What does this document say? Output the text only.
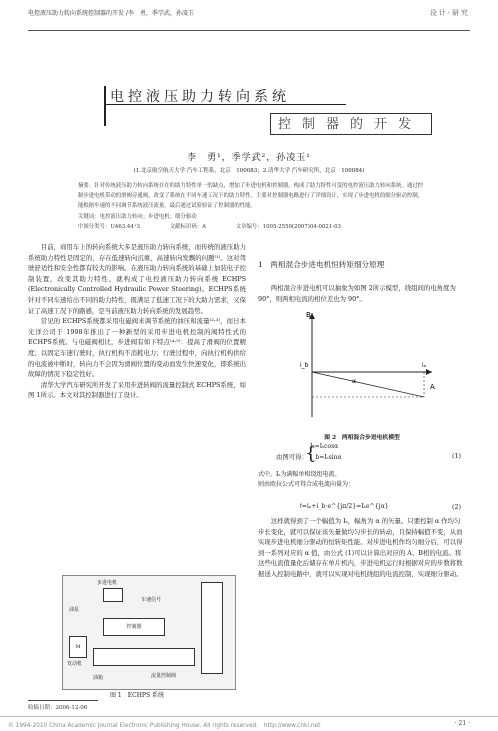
电控液压助力转向系统控制器的开发 /李　勇，季学武，孙凌玉	设计·研究
电控液压助力转向系统
控制器的开发
李　勇¹，季学武²，孙凌玉¹
(1.北京航空航天大学 汽车工程系，北京　100083；2.清华大学 汽车研究所，北京　100084)
摘要：针对传统液压助力转向系统存在的助力特性单一的缺点，增加了步进电机和控制器，构成了助力特性可变的电控液压助力转向系统。通过控制步进电机带动的滑阀旁通阀，改变了系统在不同车速工况下的助力特性。主要对控制器电路进行了详细设计，实现了步进电机的细分驱动控制，能根据车速的不同调节系统液压流量。最后通过试验验证了控制器的性能。
关键词：电控液压助力转向；步进电机；细分驱动
中图分类号：U463.44⁺3	文献标识码：A	文章编号：1005-2550(2007)04-0021-03

目前，商用车上的转向系统大多是液压助力转向系统，而传统的液压助力系统助力特性是固定的，存在低速转向沉重、高速转向发飘的问题⁽¹⁾。这对驾驶舒适性和安全性都有较大的影响。在液压助力转向系统的基础上加装电子控制装置，改变其助力特性，就构成了电控液压助力转向系统 ECHPS (Electronically Controlled Hydraulic Power Steering)。ECHPS系统针对不同车速给出不同的助力特性，既满足了低速工况下的大助力需求，又保证了高速工况下的路感，是当前液压助力转向系统的发展趋势。

常见的 ECHPS系统都采用电磁阀来调节系统的油压和流量⁽²·³⁾，而日本光洋公司于 1998年推出了一种新型的采用步进电机控制的阀特性式的 ECHPS系统。与电磁阀相比，步进阀有如下特点⁽⁴·⁵⁾：提高了滑阀的位置精度；以固定车速行驶时，执行机构不消耗电力；行驶过程中，向执行机构供给的电流被中断时，转向力不会因为滑阀位置的变动而发生快速变化，即系统出故障的情况下稳定性好。

清华大学汽车研究所开发了采用步进转阀的流量控制式 ECHPS系统，如图 1所示。本文对其控制器进行了设计。

步进电机
车速信号
油泵
控制器
M
发动机
流量控制阀
油箱
图 1　ECHPS 系统
收稿日期：2006-12-06
1　两相混合步进电机恒转矩细分原理
两相混合步进电机可以抽象为如图 2所示模型，绕组间的电角度为 90°，则两相电流的相位差也为 90°。
B
A
i_b	iₐ
α
图 2　两相混合步进电机模型
由图可得：
{
Iₐ=Iₛcosα
I_b=Iₛsinα	(1)
式中，Iₛ为满幅单相绕组电流。
则由欧拉公式可得合成电流向量为：
i⃗=iₐ+i_b·e^{jπ/2}=Iₛe^{jα}	(2)
这样就得到了一个幅值为 Iₛ，幅角为 α 的矢量。只要控制 α 作均匀步长变化，就可以保证该矢量做均匀步长的转动，且保持幅值不变，从而实现步进电机细分驱动的恒转矩性能。对步进电机作均匀细分后，可以得到一系列对应的 α 值，由公式 (1)可以计算出对应的 A、B相的电流。将这些电流值量化后储存在单片机内，步进电机运行时根据对应的步数将数据送入控制电路中，就可以实现对电机绕组的电流控制，实现细分驱动。
© 1994-2010 China Academic Journal Electronic Publishing House. All rights reserved.　http://www.cnki.net	· 21 ·
